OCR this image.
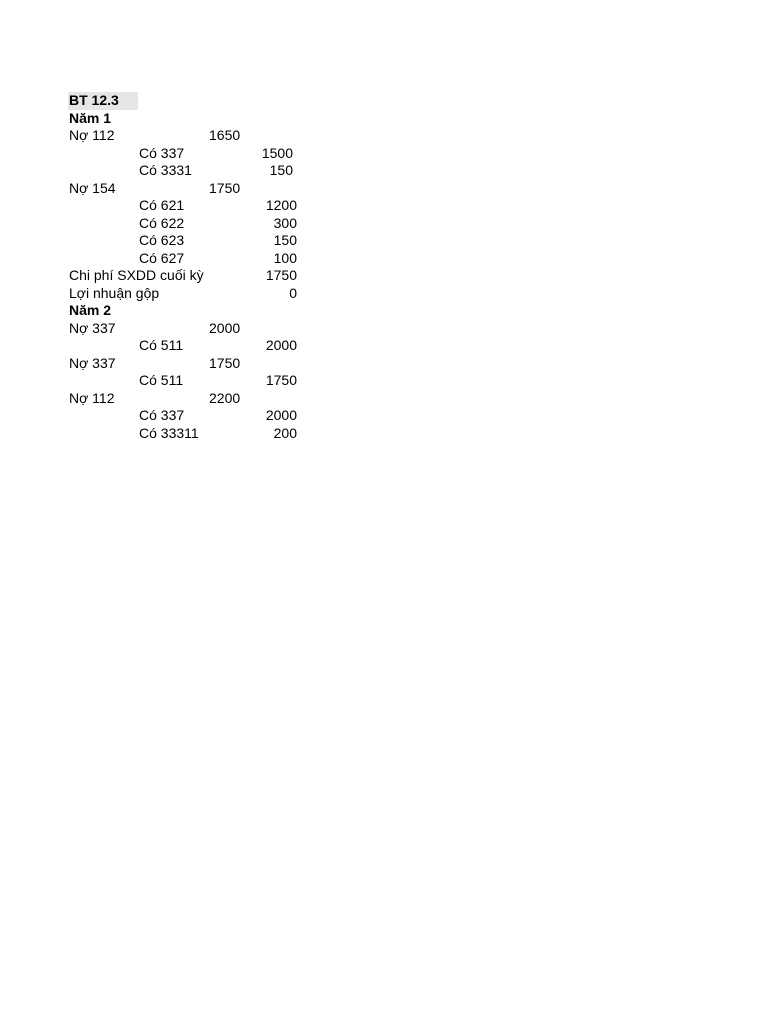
BT 12.3
Năm 1
Nợ 112	1650
Có 337	1500
Có 3331	150
Nợ 154	1750
Có 621	1200
Có 622	300
Có 623	150
Có 627	100
Chi phí SXDD cuối kỳ	1750
Lợi nhuận gộp	0
Năm 2
Nợ 337	2000
Có 511	2000
Nợ 337	1750
Có 511	1750
Nợ 112	2200
Có 337	2000
Có 33311	200
